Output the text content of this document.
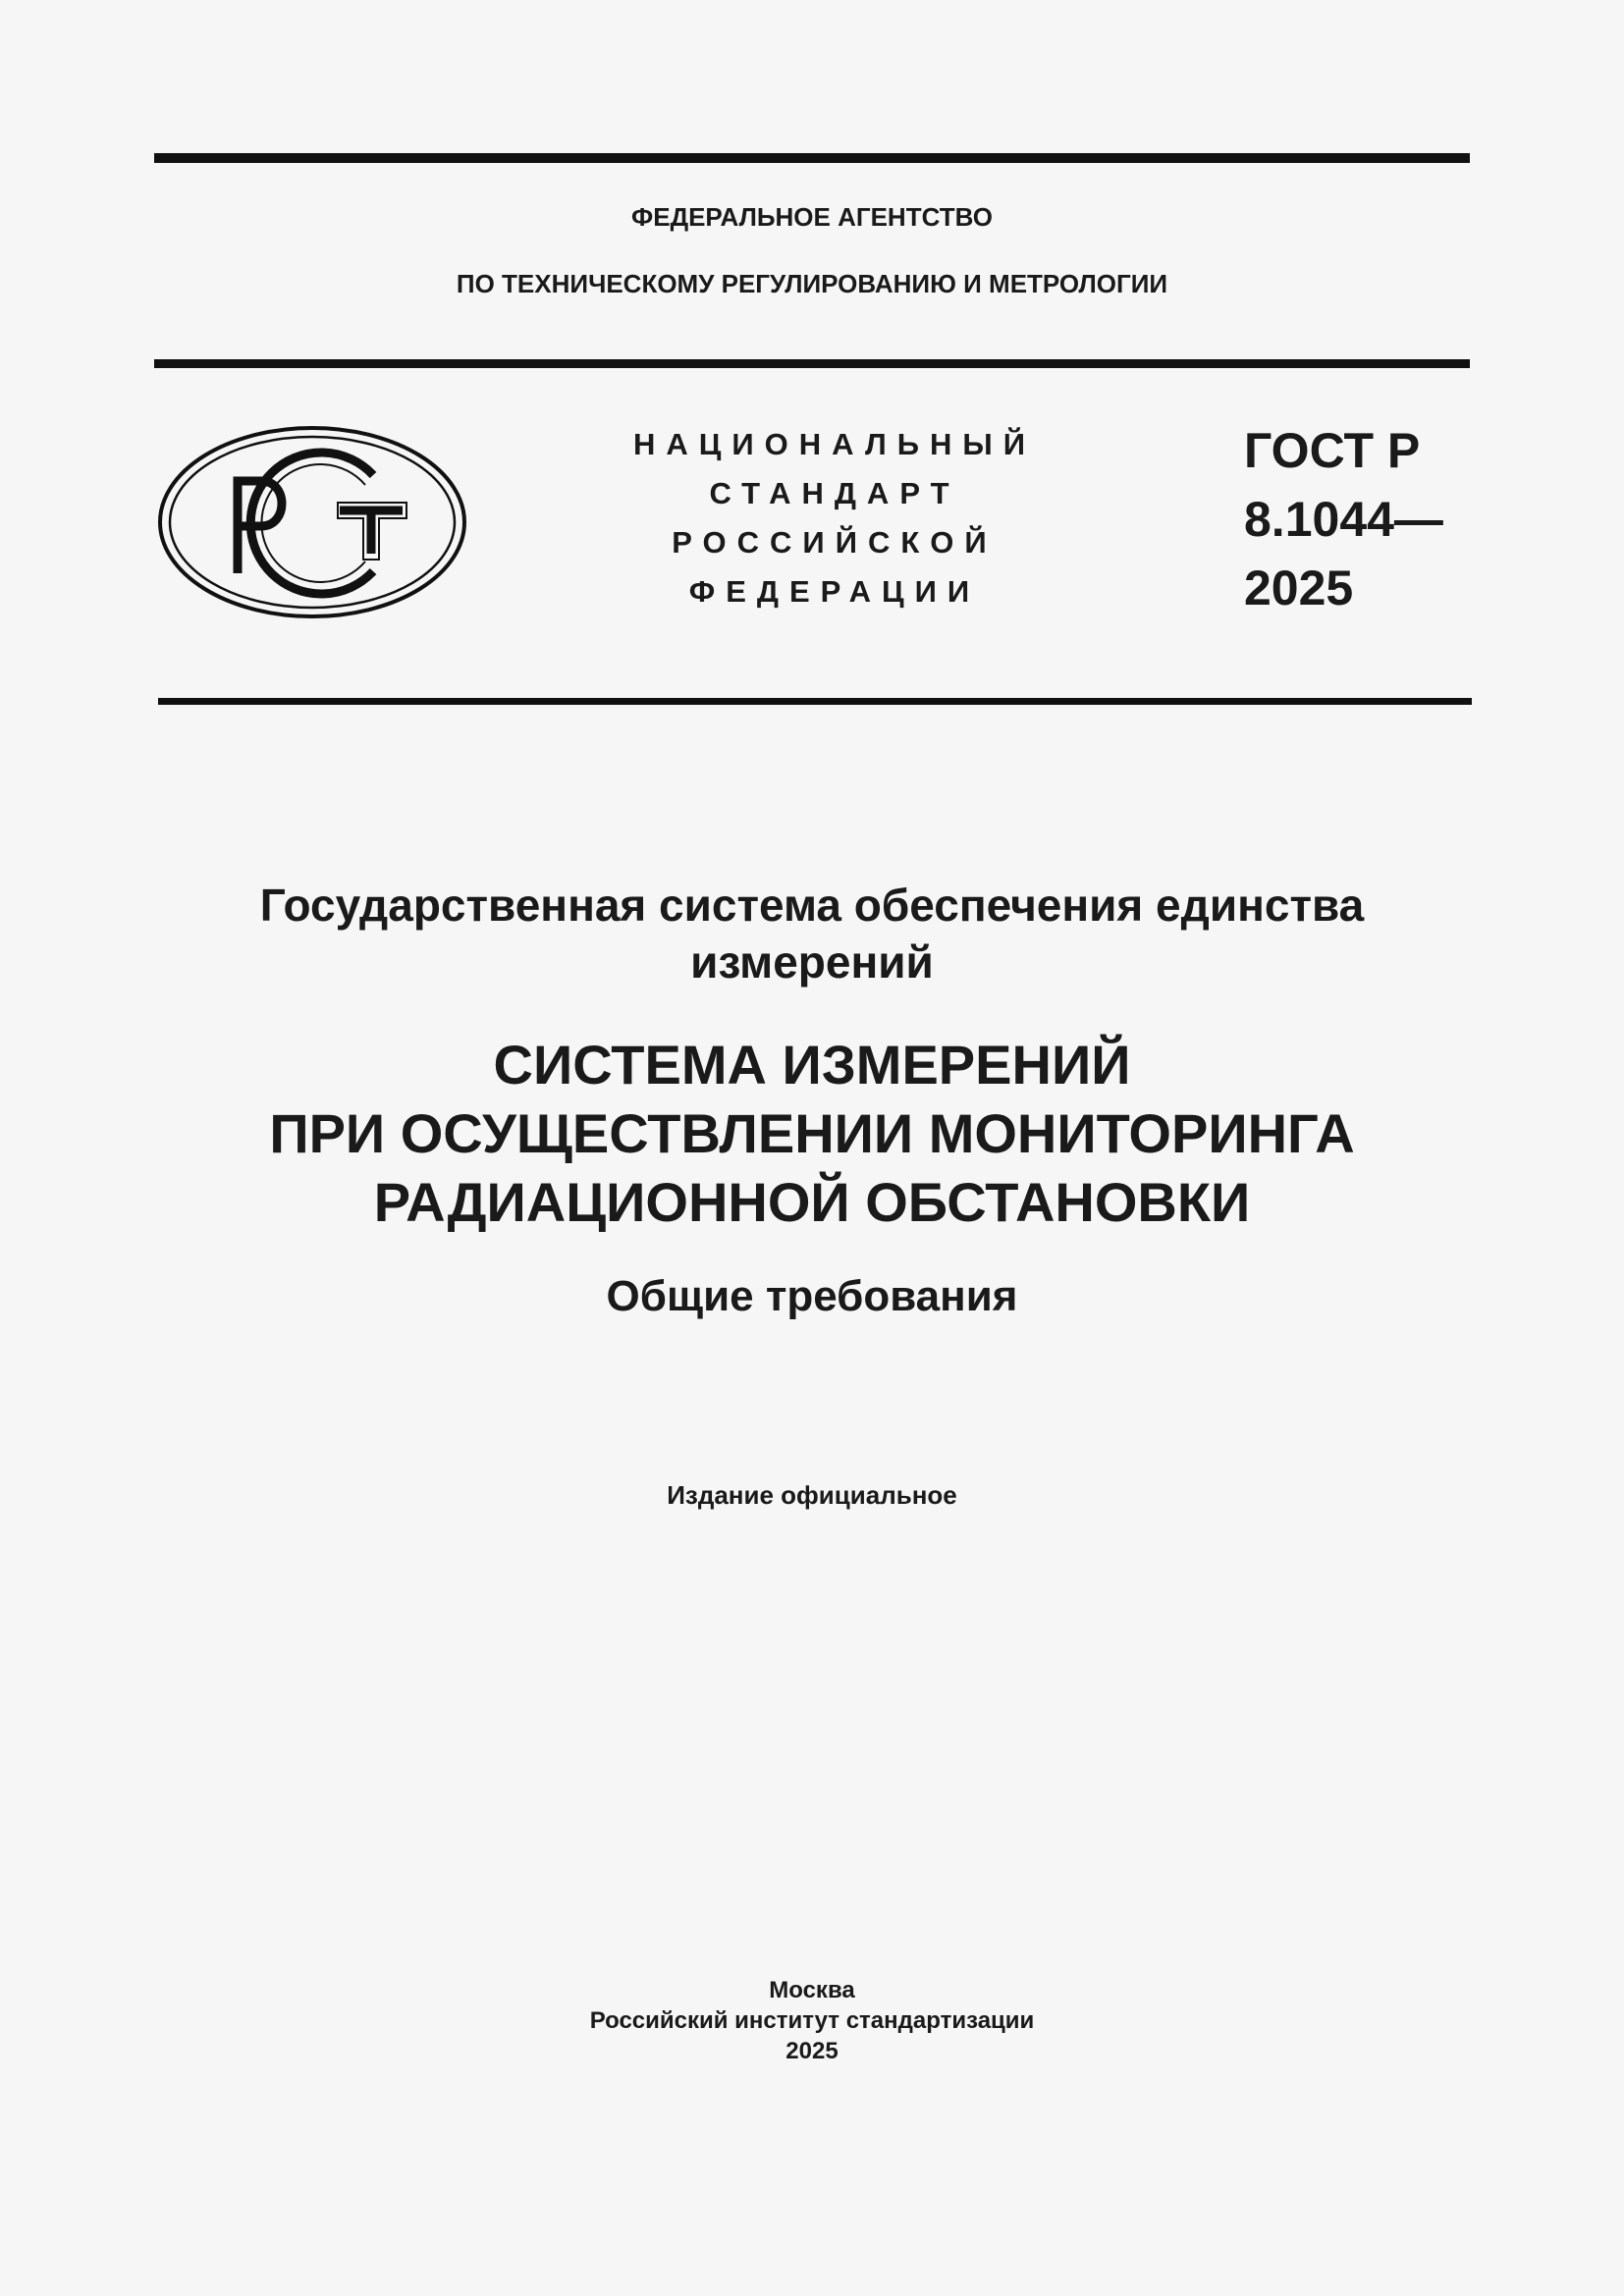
ФЕДЕРАЛЬНОЕ АГЕНТСТВО

ПО ТЕХНИЧЕСКОМУ РЕГУЛИРОВАНИЮ И МЕТРОЛОГИИ

НАЦИОНАЛЬНЫЙ
СТАНДАРТ
РОССИЙСКОЙ
ФЕДЕРАЦИИ
ГОСТ Р
8.1044—
2025
Государственная система обеспечения единства
измерений
СИСТЕМА ИЗМЕРЕНИЙ
ПРИ ОСУЩЕСТВЛЕНИИ МОНИТОРИНГА
РАДИАЦИОННОЙ ОБСТАНОВКИ

Общие требования

Издание официальное

Москва
Российский институт стандартизации
2025
